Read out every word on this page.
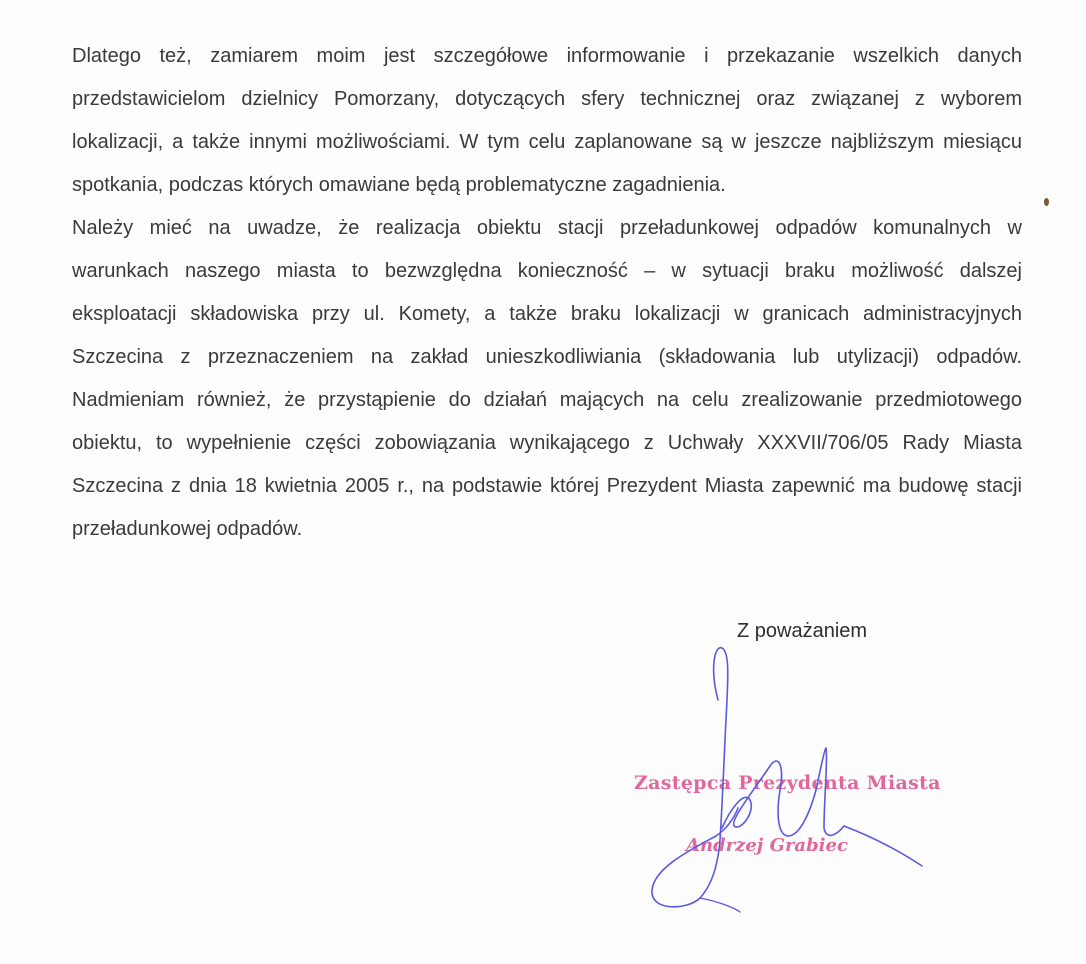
Dlatego też, zamiarem moim jest szczegółowe informowanie i przekazanie wszelkich danych
przedstawicielom dzielnicy Pomorzany, dotyczących sfery technicznej oraz związanej z wyborem
lokalizacji, a także innymi możliwościami. W tym celu zaplanowane są w jeszcze najbliższym miesiącu
spotkania, podczas których omawiane będą problematyczne zagadnienia.
Należy mieć na uwadze, że realizacja obiektu stacji przeładunkowej odpadów komunalnych w
warunkach naszego miasta to bezwzględna konieczność – w sytuacji braku możliwość dalszej
eksploatacji składowiska przy ul. Komety, a także braku lokalizacji w granicach administracyjnych
Szczecina z przeznaczeniem na zakład unieszkodliwiania (składowania lub utylizacji) odpadów.
Nadmieniam również, że przystąpienie do działań mających na celu zrealizowanie przedmiotowego
obiektu, to wypełnienie części zobowiązania wynikającego z Uchwały XXXVII/706/05 Rady Miasta
Szczecina z dnia 18 kwietnia 2005 r., na podstawie której Prezydent Miasta zapewnić ma budowę stacji
przeładunkowej odpadów.
Z poważaniem
Zastępca Prezydenta Miasta
Andrzej Grabiec
